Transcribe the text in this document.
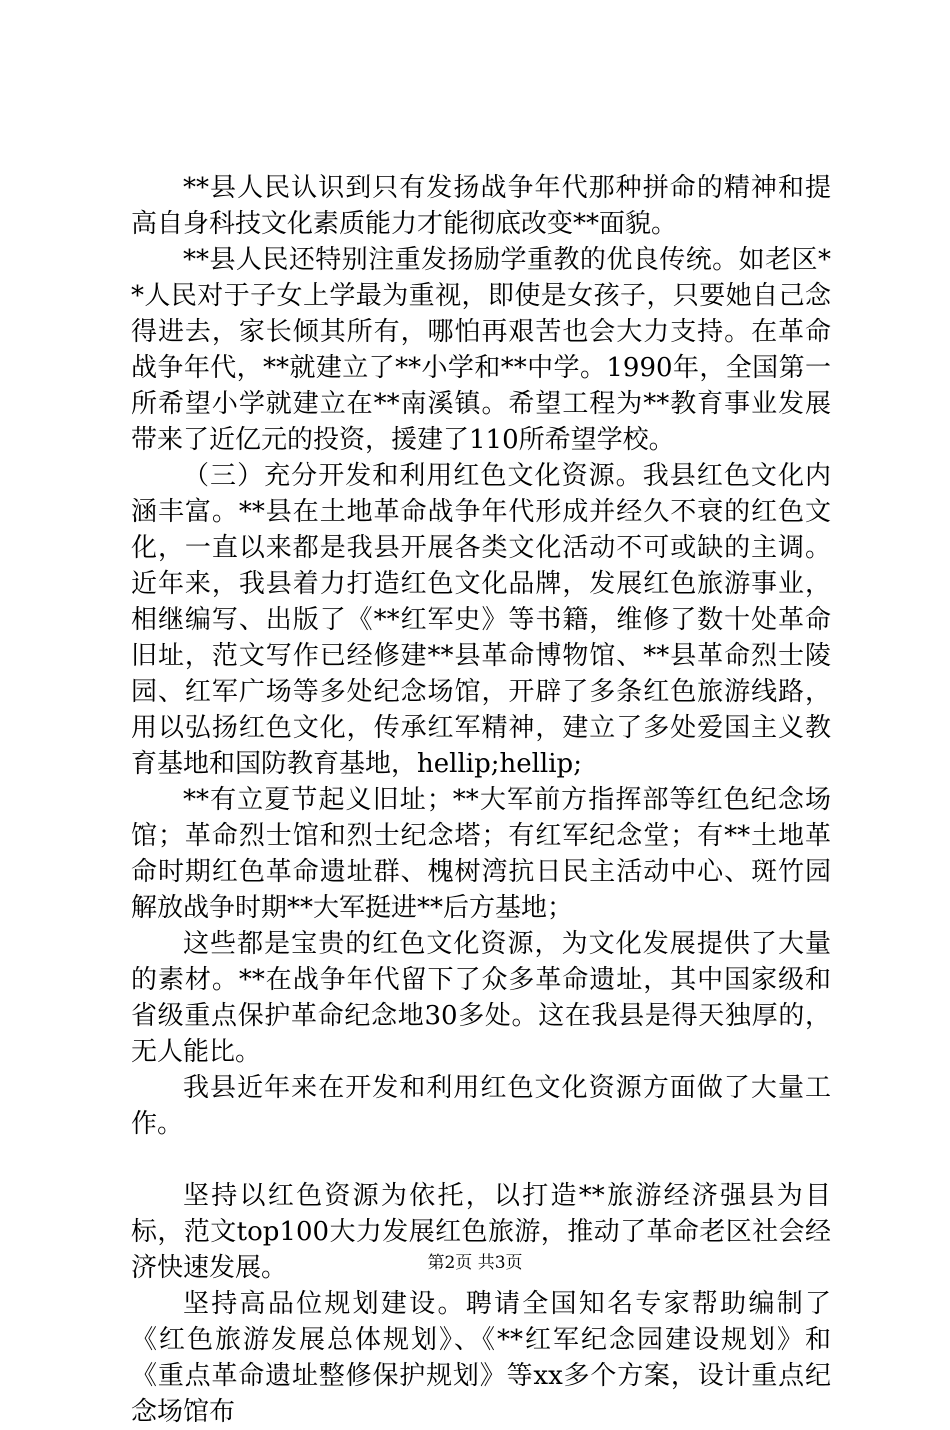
**县人民认识到只有发扬战争年代那种拼命的精神和提高自身科技文化素质能力才能彻底改变**面貌。

**县人民还特别注重发扬励学重教的优良传统。如老区**人民对于子女上学最为重视，即使是女孩子，只要她自己念得进去，家长倾其所有，哪怕再艰苦也会大力支持。在革命战争年代，**就建立了**小学和**中学。1990年，全国第一所希望小学就建立在**南溪镇。希望工程为**教育事业发展带来了近亿元的投资，援建了110所希望学校。

（三）充分开发和利用红色文化资源。我县红色文化内涵丰富。**县在土地革命战争年代形成并经久不衰的红色文化，一直以来都是我县开展各类文化活动不可或缺的主调。近年来，我县着力打造红色文化品牌，发展红色旅游事业，相继编写、出版了《**红军史》等书籍，维修了数十处革命旧址，范文写作已经修建**县革命博物馆、**县革命烈士陵园、红军广场等多处纪念场馆，开辟了多条红色旅游线路，用以弘扬红色文化，传承红军精神，建立了多处爱国主义教育基地和国防教育基地，hellip;hellip;

**有立夏节起义旧址；**大军前方指挥部等红色纪念场馆；革命烈士馆和烈士纪念塔；有红军纪念堂；有**土地革命时期红色革命遗址群、槐树湾抗日民主活动中心、斑竹园解放战争时期**大军挺进**后方基地；

这些都是宝贵的红色文化资源，为文化发展提供了大量的素材。**在战争年代留下了众多革命遗址，其中国家级和省级重点保护革命纪念地30多处。这在我县是得天独厚的，无人能比。

我县近年来在开发和利用红色文化资源方面做了大量工作。

坚持以红色资源为依托，以打造**旅游经济强县为目标，范文top100大力发展红色旅游，推动了革命老区社会经济快速发展。

坚持高品位规划建设。聘请全国知名专家帮助编制了《红色旅游发展总体规划》、《**红军纪念园建设规划》和《重点革命遗址整修保护规划》等xx多个方案，设计重点纪念场馆布

第2页 共3页
